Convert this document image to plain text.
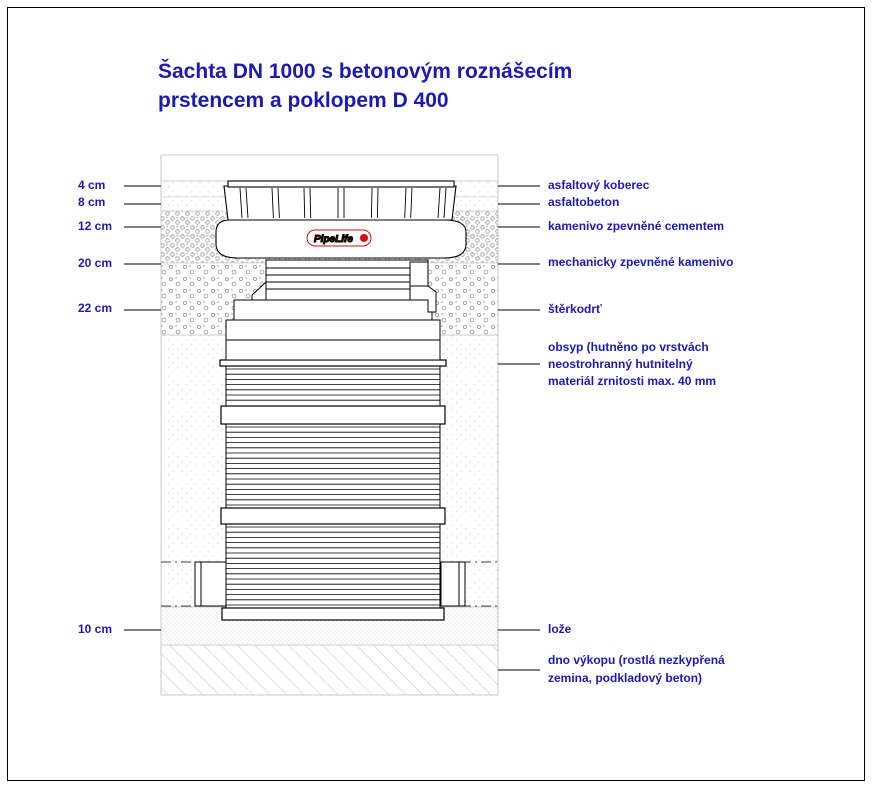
Šachta DN 1000 s betonovým roznášecím
prstencem a poklopem D 400
4 cm
8 cm
12 cm
20 cm
22 cm
10 cm
asfaltový koberec
asfaltobeton
kamenivo zpevněné cementem
mechanicky zpevněné kamenivo
štěrkodrť
obsyp (hutněno po vrstvách
neostrohranný hutnitelný
materiál zrnitosti max. 40 mm
lože
dno výkopu (rostlá nezkypřená
zemina, podkladový beton)
PipeLife
